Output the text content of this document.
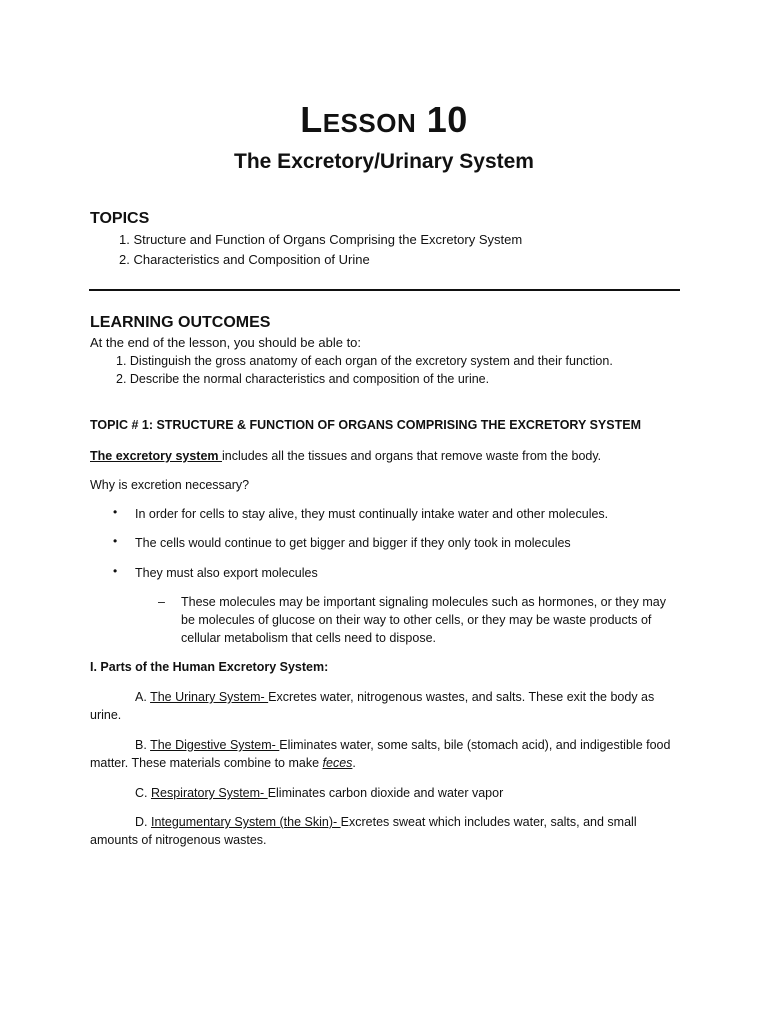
LESSON 10
The Excretory/Urinary System
TOPICS
1. Structure and Function of Organs Comprising the Excretory System
2. Characteristics and Composition of Urine
LEARNING OUTCOMES
At the end of the lesson, you should be able to:
1. Distinguish the gross anatomy of each organ of the excretory system and their function.
2. Describe the normal characteristics and composition of the urine.
TOPIC # 1: STRUCTURE & FUNCTION OF ORGANS COMPRISING THE EXCRETORY SYSTEM
The excretory system includes all the tissues and organs that remove waste from the body.
Why is excretion necessary?
• In order for cells to stay alive, they must continually intake water and other molecules.
• The cells would continue to get bigger and bigger if they only took in molecules
• They must also export molecules
– These molecules may be important signaling molecules such as hormones, or they may
be molecules of glucose on their way to other cells, or they may be waste products of
cellular metabolism that cells need to dispose.
I. Parts of the Human Excretory System:
A. The Urinary System- Excretes water, nitrogenous wastes, and salts. These exit the body as
urine.
B. The Digestive System- Eliminates water, some salts, bile (stomach acid), and indigestible food
matter. These materials combine to make feces.
C. Respiratory System- Eliminates carbon dioxide and water vapor
D. Integumentary System (the Skin)- Excretes sweat which includes water, salts, and small
amounts of nitrogenous wastes.
